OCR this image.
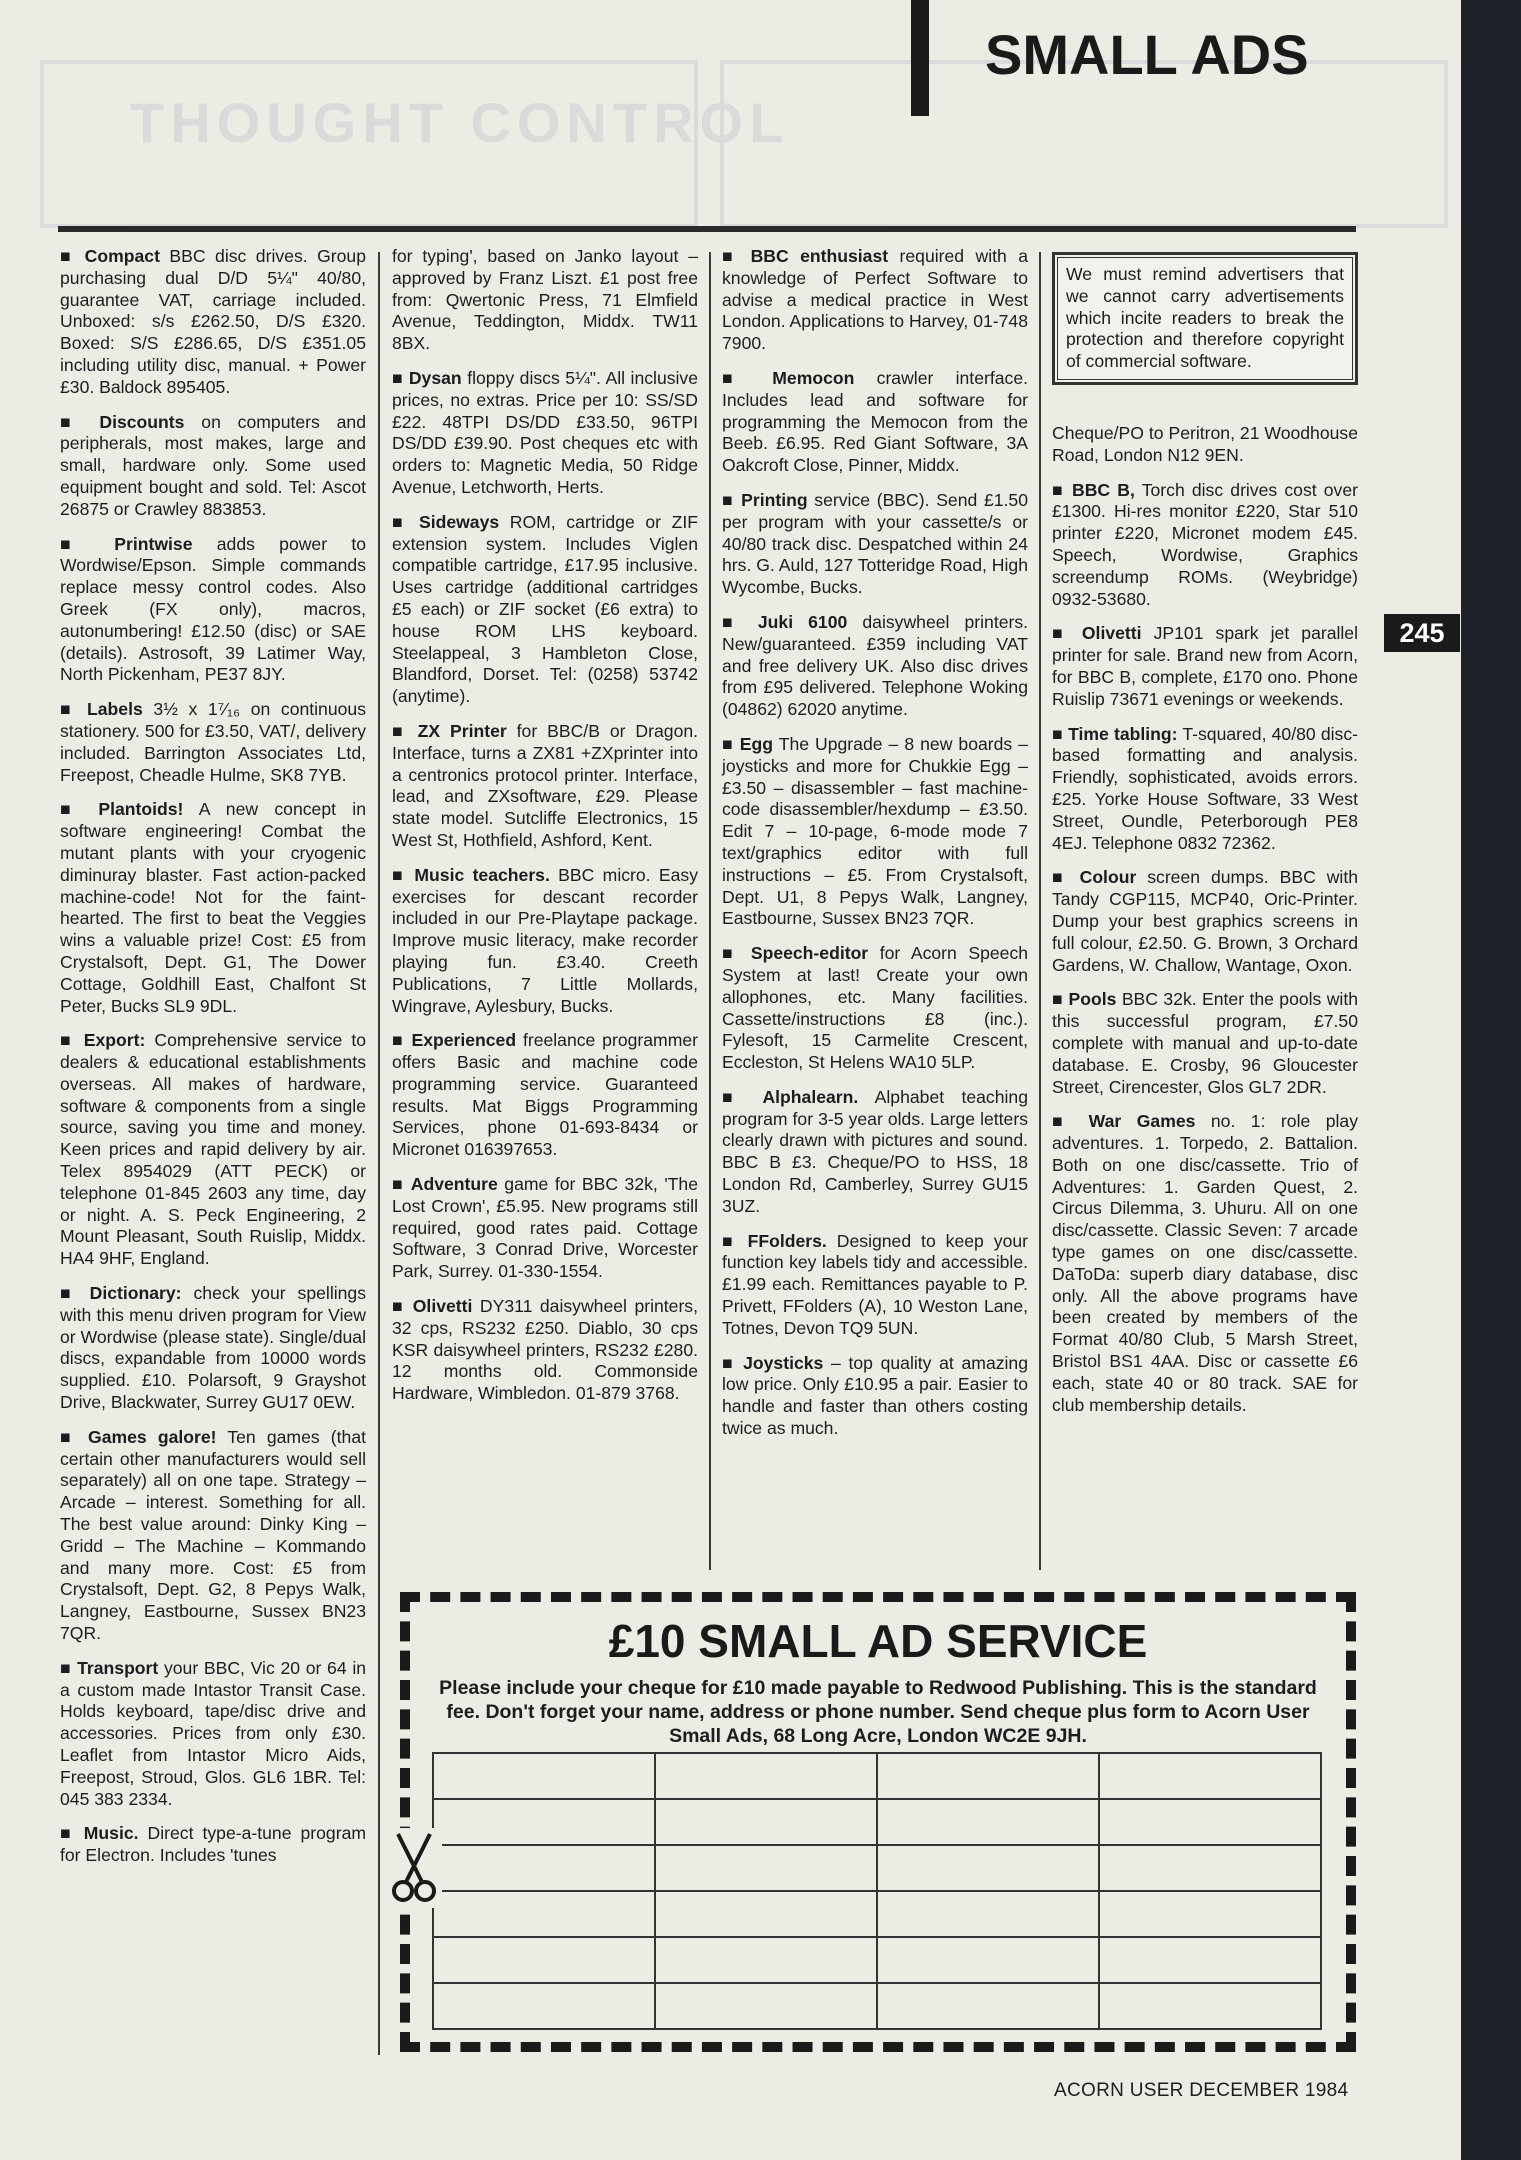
THOUGHT CONTROL
SMALL ADS
245

■ Compact BBC disc drives. Group purchasing dual D/D 5¼" 40/80, guarantee VAT, carriage included. Unboxed: s/s £262.50, D/S £320. Boxed: S/S £286.65, D/S £351.05 including utility disc, manual. + Power £30. Baldock 895405.

■ Discounts on computers and peripherals, most makes, large and small, hardware only. Some used equipment bought and sold. Tel: Ascot 26875 or Crawley 883853.

■ Printwise adds power to Wordwise/Epson. Simple commands replace messy control codes. Also Greek (FX only), macros, autonumbering! £12.50 (disc) or SAE (details). Astrosoft, 39 Latimer Way, North Pickenham, PE37 8JY.

■ Labels 3½ x 1⁷⁄₁₆ on continuous stationery. 500 for £3.50, VAT/, delivery included. Barrington Associates Ltd, Freepost, Cheadle Hulme, SK8 7YB.

■ Plantoids! A new concept in software engineering! Combat the mutant plants with your cryogenic diminuray blaster. Fast action-packed machine-code! Not for the faint-hearted. The first to beat the Veggies wins a valuable prize! Cost: £5 from Crystalsoft, Dept. G1, The Dower Cottage, Goldhill East, Chalfont St Peter, Bucks SL9 9DL.

■ Export: Comprehensive service to dealers & educational establishments overseas. All makes of hardware, software & components from a single source, saving you time and money. Keen prices and rapid delivery by air. Telex 8954029 (ATT PECK) or telephone 01-845 2603 any time, day or night. A. S. Peck Engineering, 2 Mount Pleasant, South Ruislip, Middx. HA4 9HF, England.

■ Dictionary: check your spellings with this menu driven program for View or Wordwise (please state). Single/dual discs, expandable from 10000 words supplied. £10. Polarsoft, 9 Grayshot Drive, Blackwater, Surrey GU17 0EW.

■ Games galore! Ten games (that certain other manufacturers would sell separately) all on one tape. Strategy – Arcade – interest. Something for all. The best value around: Dinky King – Gridd – The Machine – Kommando and many more. Cost: £5 from Crystalsoft, Dept. G2, 8 Pepys Walk, Langney, Eastbourne, Sussex BN23 7QR.

■ Transport your BBC, Vic 20 or 64 in a custom made Intastor Transit Case. Holds keyboard, tape/disc drive and accessories. Prices from only £30. Leaflet from Intastor Micro Aids, Freepost, Stroud, Glos. GL6 1BR. Tel: 045 383 2334.

■ Music. Direct type-a-tune program for Electron. Includes 'tunes

for typing', based on Janko layout – approved by Franz Liszt. £1 post free from: Qwertonic Press, 71 Elmfield Avenue, Teddington, Middx. TW11 8BX.

■ Dysan floppy discs 5¼". All inclusive prices, no extras. Price per 10: SS/SD £22. 48TPI DS/DD £33.50, 96TPI DS/DD £39.90. Post cheques etc with orders to: Magnetic Media, 50 Ridge Avenue, Letchworth, Herts.

■ Sideways ROM, cartridge or ZIF extension system. Includes Viglen compatible cartridge, £17.95 inclusive. Uses cartridge (additional cartridges £5 each) or ZIF socket (£6 extra) to house ROM LHS keyboard. Steelappeal, 3 Hambleton Close, Blandford, Dorset. Tel: (0258) 53742 (anytime).

■ ZX Printer for BBC/B or Dragon. Interface, turns a ZX81 +ZXprinter into a centronics protocol printer. Interface, lead, and ZXsoftware, £29. Please state model. Sutcliffe Electronics, 15 West St, Hothfield, Ashford, Kent.

■ Music teachers. BBC micro. Easy exercises for descant recorder included in our Pre-Playtape package. Improve music literacy, make recorder playing fun. £3.40. Creeth Publications, 7 Little Mollards, Wingrave, Aylesbury, Bucks.

■ Experienced freelance programmer offers Basic and machine code programming service. Guaranteed results. Mat Biggs Programming Services, phone 01-693-8434 or Micronet 016397653.

■ Adventure game for BBC 32k, 'The Lost Crown', £5.95. New programs still required, good rates paid. Cottage Software, 3 Conrad Drive, Worcester Park, Surrey. 01-330-1554.

■ Olivetti DY311 daisywheel printers, 32 cps, RS232 £250. Diablo, 30 cps KSR daisywheel printers, RS232 £280. 12 months old. Commonside Hardware, Wimbledon. 01-879 3768.

■ BBC enthusiast required with a knowledge of Perfect Software to advise a medical practice in West London. Applications to Harvey, 01-748 7900.

■ Memocon crawler interface. Includes lead and software for programming the Memocon from the Beeb. £6.95. Red Giant Software, 3A Oakcroft Close, Pinner, Middx.

■ Printing service (BBC). Send £1.50 per program with your cassette/s or 40/80 track disc. Despatched within 24 hrs. G. Auld, 127 Totteridge Road, High Wycombe, Bucks.

■ Juki 6100 daisywheel printers. New/guaranteed. £359 including VAT and free delivery UK. Also disc drives from £95 delivered. Telephone Woking (04862) 62020 anytime.

■ Egg The Upgrade – 8 new boards – joysticks and more for Chukkie Egg – £3.50 – disassembler – fast machine-code disassembler/hexdump – £3.50. Edit 7 – 10-page, 6-mode mode 7 text/graphics editor with full instructions – £5. From Crystalsoft, Dept. U1, 8 Pepys Walk, Langney, Eastbourne, Sussex BN23 7QR.

■ Speech-editor for Acorn Speech System at last! Create your own allophones, etc. Many facilities. Cassette/instructions £8 (inc.). Fylesoft, 15 Carmelite Crescent, Eccleston, St Helens WA10 5LP.

■ Alphalearn. Alphabet teaching program for 3-5 year olds. Large letters clearly drawn with pictures and sound. BBC B £3. Cheque/PO to HSS, 18 London Rd, Camberley, Surrey GU15 3UZ.

■ FFolders. Designed to keep your function key labels tidy and accessible. £1.99 each. Remittances payable to P. Privett, FFolders (A), 10 Weston Lane, Totnes, Devon TQ9 5UN.

■ Joysticks – top quality at amazing low price. Only £10.95 a pair. Easier to handle and faster than others costing twice as much.

We must remind advertisers that we cannot carry advertisements which incite readers to break the protection and therefore copyright of commercial software.

Cheque/PO to Peritron, 21 Woodhouse Road, London N12 9EN.

■ BBC B, Torch disc drives cost over £1300. Hi-res monitor £220, Star 510 printer £220, Micronet modem £45. Speech, Wordwise, Graphics screendump ROMs. (Weybridge) 0932-53680.

■ Olivetti JP101 spark jet parallel printer for sale. Brand new from Acorn, for BBC B, complete, £170 ono. Phone Ruislip 73671 evenings or weekends.

■ Time tabling: T-squared, 40/80 disc-based formatting and analysis. Friendly, sophisticated, avoids errors. £25. Yorke House Software, 33 West Street, Oundle, Peterborough PE8 4EJ. Telephone 0832 72362.

■ Colour screen dumps. BBC with Tandy CGP115, MCP40, Oric-Printer. Dump your best graphics screens in full colour, £2.50. G. Brown, 3 Orchard Gardens, W. Challow, Wantage, Oxon.

■ Pools BBC 32k. Enter the pools with this successful program, £7.50 complete with manual and up-to-date database. E. Crosby, 96 Gloucester Street, Cirencester, Glos GL7 2DR.

■ War Games no. 1: role play adventures. 1. Torpedo, 2. Battalion. Both on one disc/cassette. Trio of Adventures: 1. Garden Quest, 2. Circus Dilemma, 3. Uhuru. All on one disc/cassette. Classic Seven: 7 arcade type games on one disc/cassette. DaToDa: superb diary database, disc only. All the above programs have been created by members of the Format 40/80 Club, 5 Marsh Street, Bristol BS1 4AA. Disc or cassette £6 each, state 40 or 80 track. SAE for club membership details.

£10 SMALL AD SERVICE
Please include your cheque for £10 made payable to Redwood Publishing. This is the standard fee. Don't forget your name, address or phone number. Send cheque plus form to Acorn User Small Ads, 68 Long Acre, London WC2E 9JH.

ACORN USER DECEMBER 1984
